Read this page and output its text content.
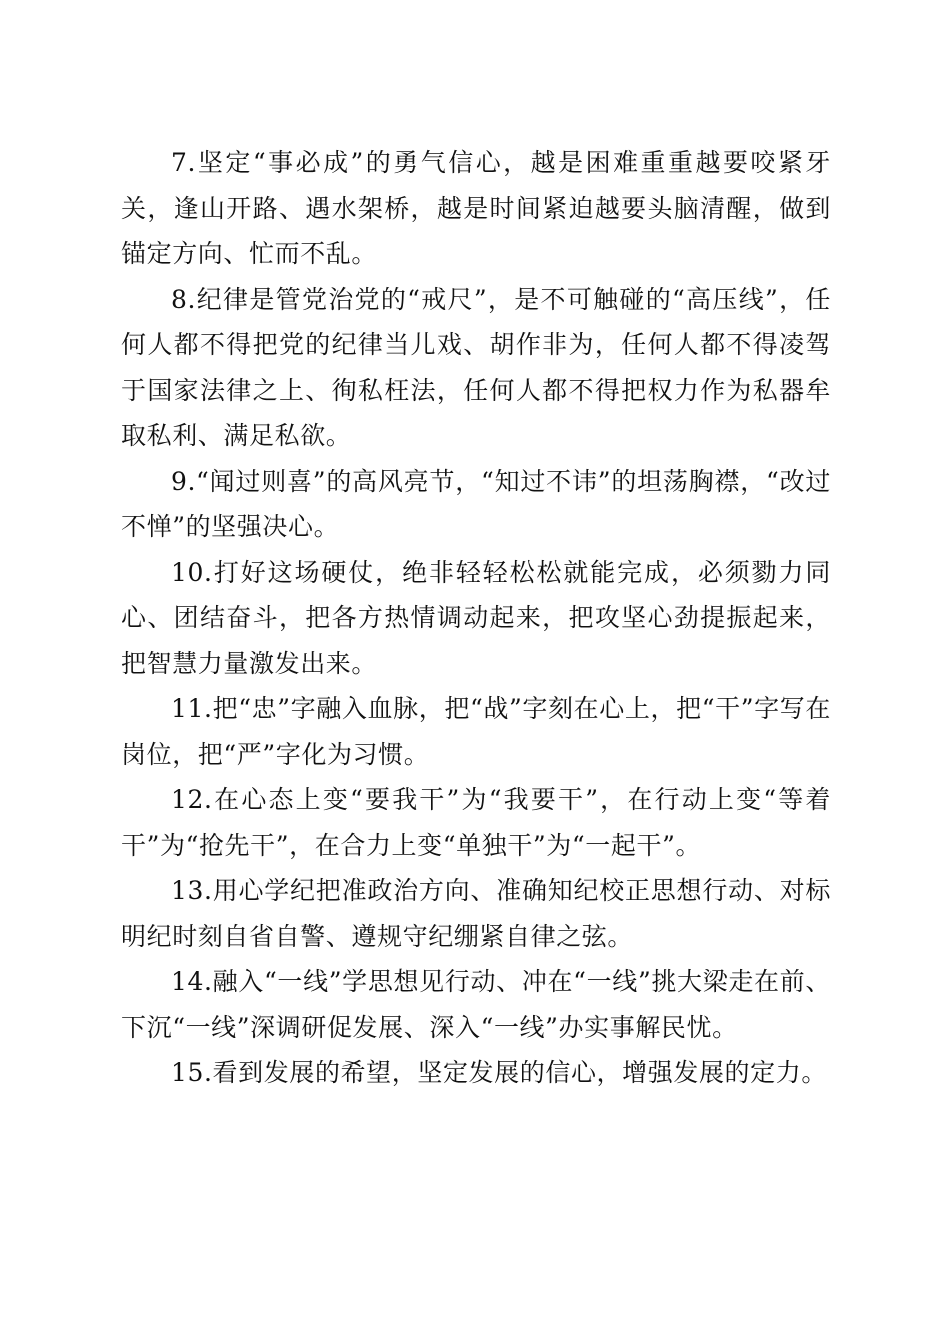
7.坚定“事必成”的勇气信心，越是困难重重越要咬紧牙关，逢山开路、遇水架桥，越是时间紧迫越要头脑清醒，做到锚定方向、忙而不乱。

8.纪律是管党治党的“戒尺”，是不可触碰的“高压线”，任何人都不得把党的纪律当儿戏、胡作非为，任何人都不得凌驾于国家法律之上、徇私枉法，任何人都不得把权力作为私器牟取私利、满足私欲。

9.“闻过则喜”的高风亮节，“知过不讳”的坦荡胸襟，“改过不惮”的坚强决心。

10.打好这场硬仗，绝非轻轻松松就能完成，必须勠力同心、团结奋斗，把各方热情调动起来，把攻坚心劲提振起来，把智慧力量激发出来。

11.把“忠”字融入血脉，把“战”字刻在心上，把“干”字写在岗位，把“严”字化为习惯。

12.在心态上变“要我干”为“我要干”，在行动上变“等着干”为“抢先干”，在合力上变“单独干”为“一起干”。

13.用心学纪把准政治方向、准确知纪校正思想行动、对标明纪时刻自省自警、遵规守纪绷紧自律之弦。

14.融入“一线”学思想见行动、冲在“一线”挑大梁走在前、下沉“一线”深调研促发展、深入“一线”办实事解民忧。

15.看到发展的希望，坚定发展的信心，增强发展的定力。
